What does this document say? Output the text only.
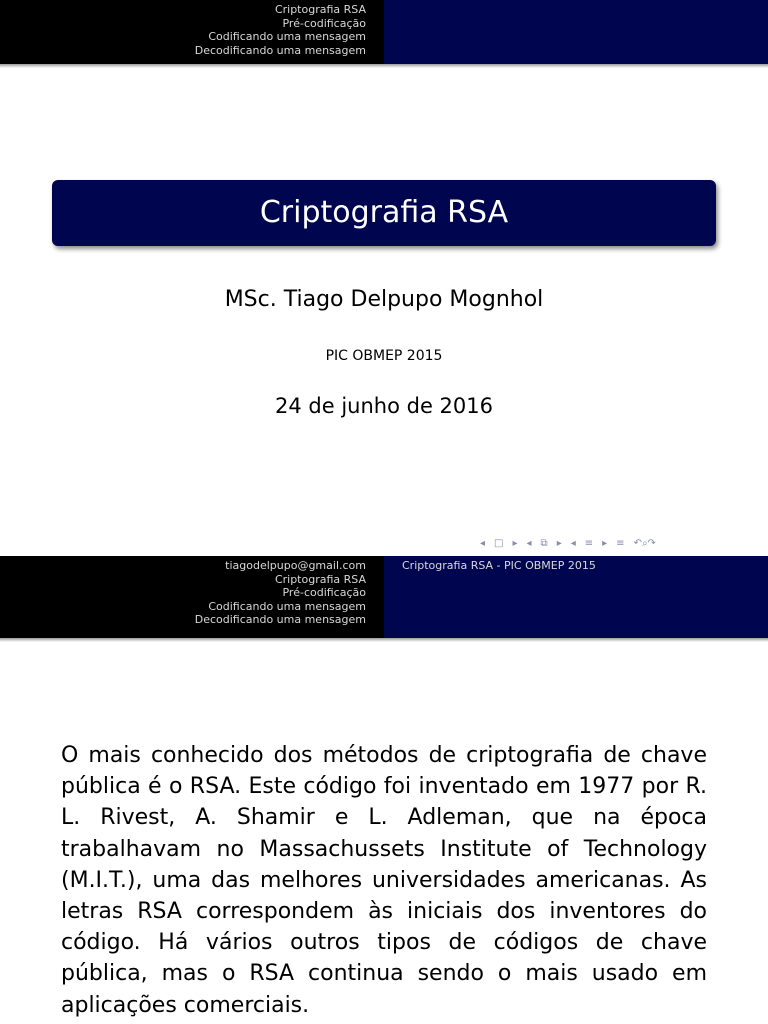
Criptografia RSA
Pré-codificação
Codificando uma mensagem
Decodificando uma mensagem
Criptografia RSA
MSc. Tiago Delpupo Mognhol
PIC OBMEP 2015
24 de junho de 2016
◂ □ ▸ ◂ ⧉ ▸ ◂ ≡ ▸ ≡ ↶⌕↷
tiagodelpupo@gmail.com
Criptografia RSA
Pré-codificação
Codificando uma mensagem
Decodificando uma mensagem
Criptografia RSA - PIC OBMEP 2015

O mais conhecido dos métodos de criptografia de chave pública é o RSA. Este código foi inventado em 1977 por R. L. Rivest, A. Shamir e L. Adleman, que na época trabalhavam no Massachussets Institute of Technology (M.I.T.), uma das melhores universidades americanas. As letras RSA correspondem às iniciais dos inventores do código. Há vários outros tipos de códigos de chave pública, mas o RSA continua sendo o mais usado em aplicações comerciais.
